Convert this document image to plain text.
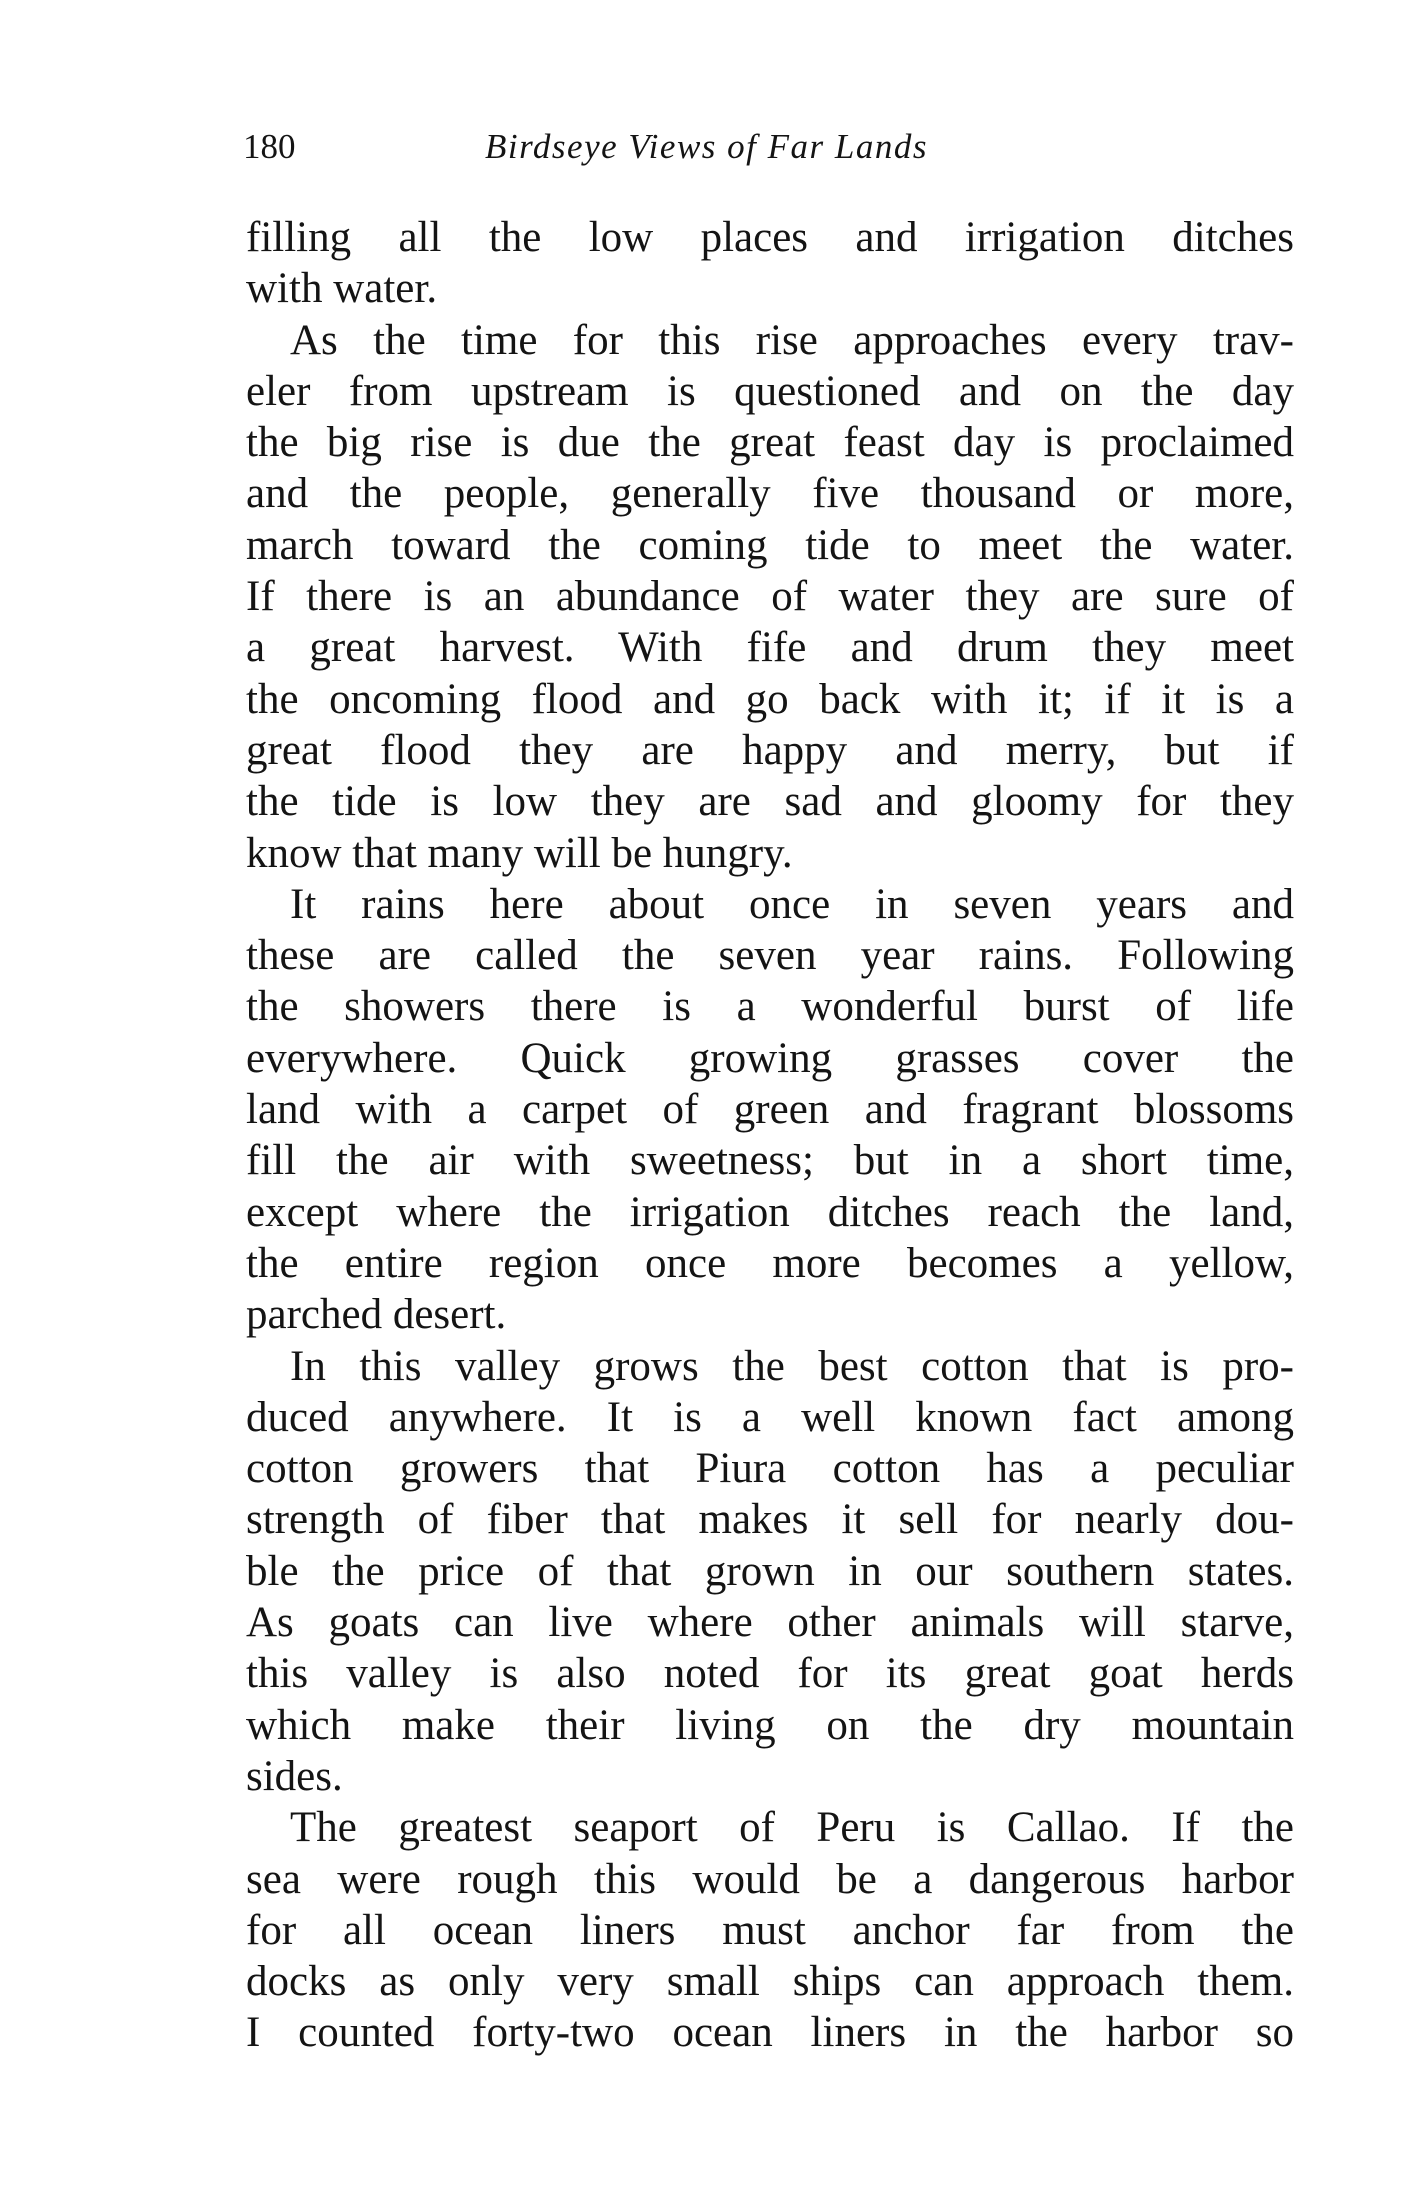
180	Birdseye Views of Far Lands
filling all the low places and irrigation ditches
with water.
As the time for this rise approaches every trav-
eler from upstream is questioned and on the day
the big rise is due the great feast day is proclaimed
and the people, generally five thousand or more,
march toward the coming tide to meet the water.
If there is an abundance of water they are sure of
a great harvest. With fife and drum they meet
the oncoming flood and go back with it; if it is a
great flood they are happy and merry, but if
the tide is low they are sad and gloomy for they
know that many will be hungry.
It rains here about once in seven years and
these are called the seven year rains. Following
the showers there is a wonderful burst of life
everywhere. Quick growing grasses cover the
land with a carpet of green and fragrant blossoms
fill the air with sweetness; but in a short time,
except where the irrigation ditches reach the land,
the entire region once more becomes a yellow,
parched desert.
In this valley grows the best cotton that is pro-
duced anywhere. It is a well known fact among
cotton growers that Piura cotton has a peculiar
strength of fiber that makes it sell for nearly dou-
ble the price of that grown in our southern states.
As goats can live where other animals will starve,
this valley is also noted for its great goat herds
which make their living on the dry mountain
sides.
The greatest seaport of Peru is Callao. If the
sea were rough this would be a dangerous harbor
for all ocean liners must anchor far from the
docks as only very small ships can approach them.
I counted forty-two ocean liners in the harbor so
